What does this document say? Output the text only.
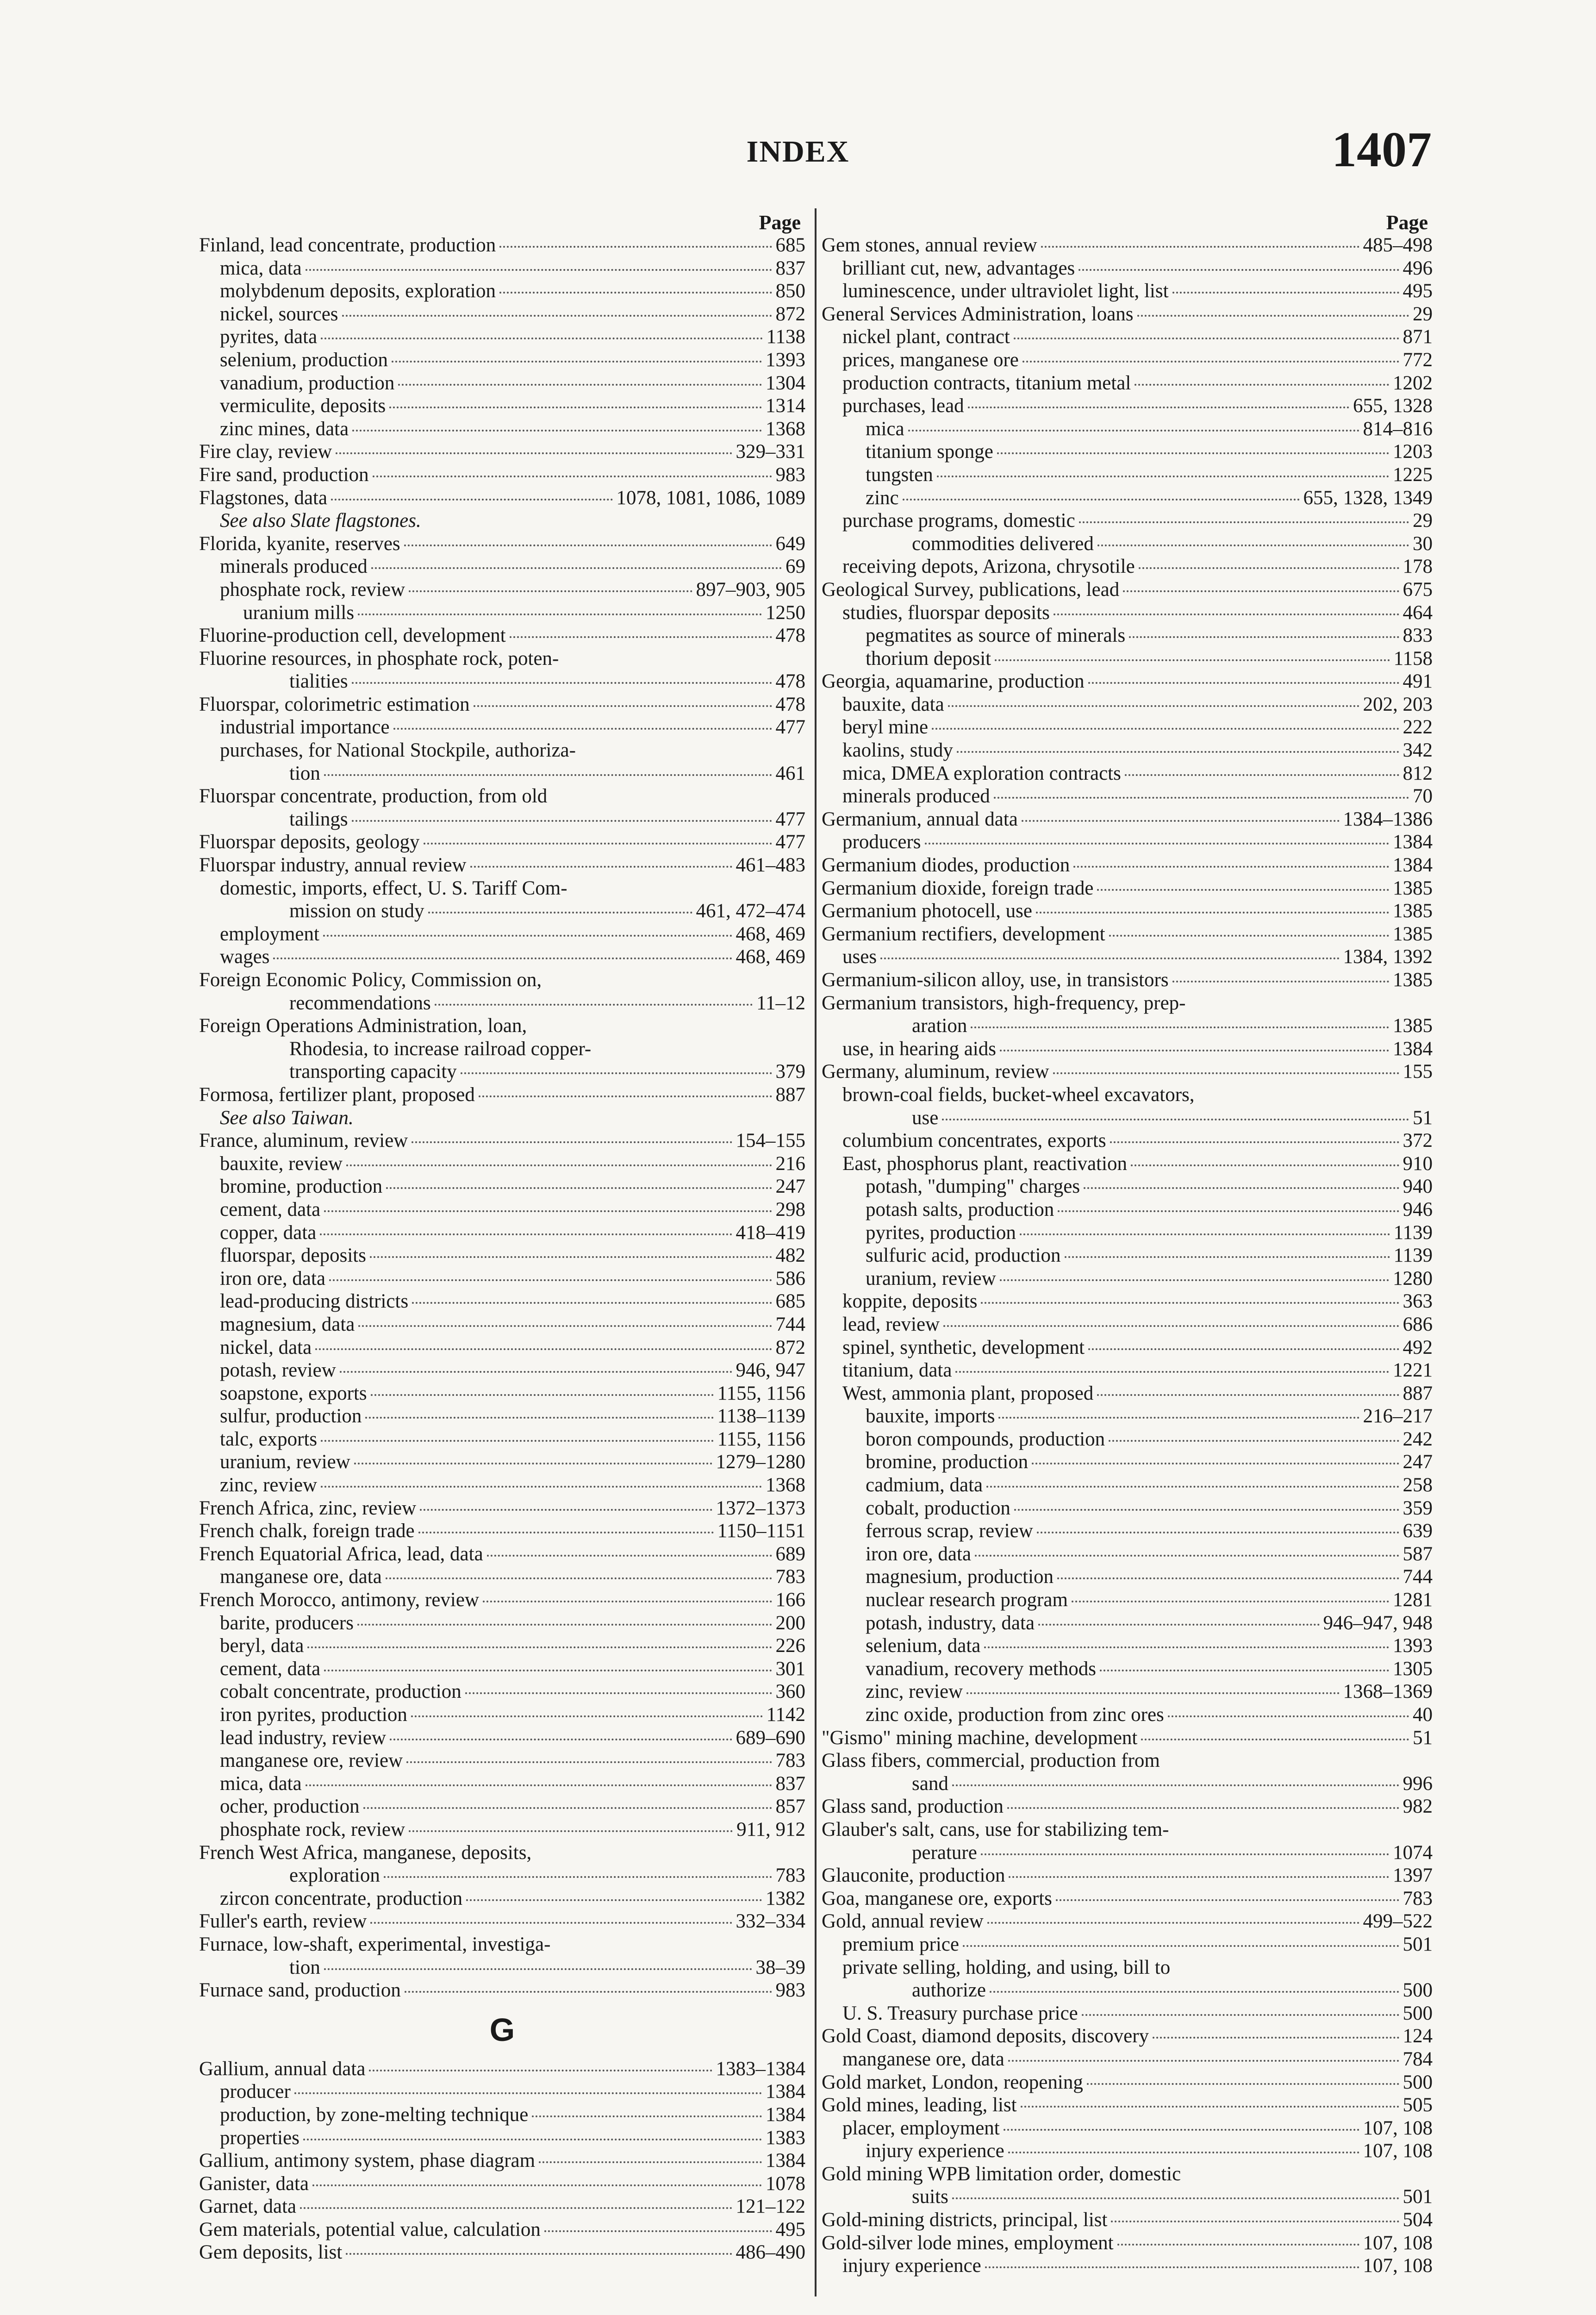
INDEX	1407
Page
Finland, lead concentrate, production	685
mica, data	837
molybdenum deposits, exploration	850
nickel, sources	872
pyrites, data	1138
selenium, production	1393
vanadium, production	1304
vermiculite, deposits	1314
zinc mines, data	1368
Fire clay, review	329–331
Fire sand, production	983
Flagstones, data	1078, 1081, 1086, 1089
See also Slate flagstones.
Florida, kyanite, reserves	649
minerals produced	69
phosphate rock, review	897–903, 905
uranium mills	1250
Fluorine-production cell, development	478
Fluorine resources, in phosphate rock, poten-
tialities	478
Fluorspar, colorimetric estimation	478
industrial importance	477
purchases, for National Stockpile, authoriza-
tion	461
Fluorspar concentrate, production, from old
tailings	477
Fluorspar deposits, geology	477
Fluorspar industry, annual review	461–483
domestic, imports, effect, U. S. Tariff Com-
mission on study	461, 472–474
employment	468, 469
wages	468, 469
Foreign Economic Policy, Commission on,
recommendations	11–12
Foreign Operations Administration, loan,
Rhodesia, to increase railroad copper-
transporting capacity	379
Formosa, fertilizer plant, proposed	887
See also Taiwan.
France, aluminum, review	154–155
bauxite, review	216
bromine, production	247
cement, data	298
copper, data	418–419
fluorspar, deposits	482
iron ore, data	586
lead-producing districts	685
magnesium, data	744
nickel, data	872
potash, review	946, 947
soapstone, exports	1155, 1156
sulfur, production	1138–1139
talc, exports	1155, 1156
uranium, review	1279–1280
zinc, review	1368
French Africa, zinc, review	1372–1373
French chalk, foreign trade	1150–1151
French Equatorial Africa, lead, data	689
manganese ore, data	783
French Morocco, antimony, review	166
barite, producers	200
beryl, data	226
cement, data	301
cobalt concentrate, production	360
iron pyrites, production	1142
lead industry, review	689–690
manganese ore, review	783
mica, data	837
ocher, production	857
phosphate rock, review	911, 912
French West Africa, manganese, deposits,
exploration	783
zircon concentrate, production	1382
Fuller's earth, review	332–334
Furnace, low-shaft, experimental, investiga-
tion	38–39
Furnace sand, production	983
G
Gallium, annual data	1383–1384
producer	1384
production, by zone-melting technique	1384
properties	1383
Gallium, antimony system, phase diagram	1384
Ganister, data	1078
Garnet, data	121–122
Gem materials, potential value, calculation	495
Gem deposits, list	486–490
Page
Gem stones, annual review	485–498
brilliant cut, new, advantages	496
luminescence, under ultraviolet light, list	495
General Services Administration, loans	29
nickel plant, contract	871
prices, manganese ore	772
production contracts, titanium metal	1202
purchases, lead	655, 1328
mica	814–816
titanium sponge	1203
tungsten	1225
zinc	655, 1328, 1349
purchase programs, domestic	29
commodities delivered	30
receiving depots, Arizona, chrysotile	178
Geological Survey, publications, lead	675
studies, fluorspar deposits	464
pegmatites as source of minerals	833
thorium deposit	1158
Georgia, aquamarine, production	491
bauxite, data	202, 203
beryl mine	222
kaolins, study	342
mica, DMEA exploration contracts	812
minerals produced	70
Germanium, annual data	1384–1386
producers	1384
Germanium diodes, production	1384
Germanium dioxide, foreign trade	1385
Germanium photocell, use	1385
Germanium rectifiers, development	1385
uses	1384, 1392
Germanium-silicon alloy, use, in transistors	1385
Germanium transistors, high-frequency, prep-
aration	1385
use, in hearing aids	1384
Germany, aluminum, review	155
brown-coal fields, bucket-wheel excavators,
use	51
columbium concentrates, exports	372
East, phosphorus plant, reactivation	910
potash, "dumping" charges	940
potash salts, production	946
pyrites, production	1139
sulfuric acid, production	1139
uranium, review	1280
koppite, deposits	363
lead, review	686
spinel, synthetic, development	492
titanium, data	1221
West, ammonia plant, proposed	887
bauxite, imports	216–217
boron compounds, production	242
bromine, production	247
cadmium, data	258
cobalt, production	359
ferrous scrap, review	639
iron ore, data	587
magnesium, production	744
nuclear research program	1281
potash, industry, data	946–947, 948
selenium, data	1393
vanadium, recovery methods	1305
zinc, review	1368–1369
zinc oxide, production from zinc ores	40
"Gismo" mining machine, development	51
Glass fibers, commercial, production from
sand	996
Glass sand, production	982
Glauber's salt, cans, use for stabilizing tem-
perature	1074
Glauconite, production	1397
Goa, manganese ore, exports	783
Gold, annual review	499–522
premium price	501
private selling, holding, and using, bill to
authorize	500
U. S. Treasury purchase price	500
Gold Coast, diamond deposits, discovery	124
manganese ore, data	784
Gold market, London, reopening	500
Gold mines, leading, list	505
placer, employment	107, 108
injury experience	107, 108
Gold mining WPB limitation order, domestic
suits	501
Gold-mining districts, principal, list	504
Gold-silver lode mines, employment	107, 108
injury experience	107, 108
